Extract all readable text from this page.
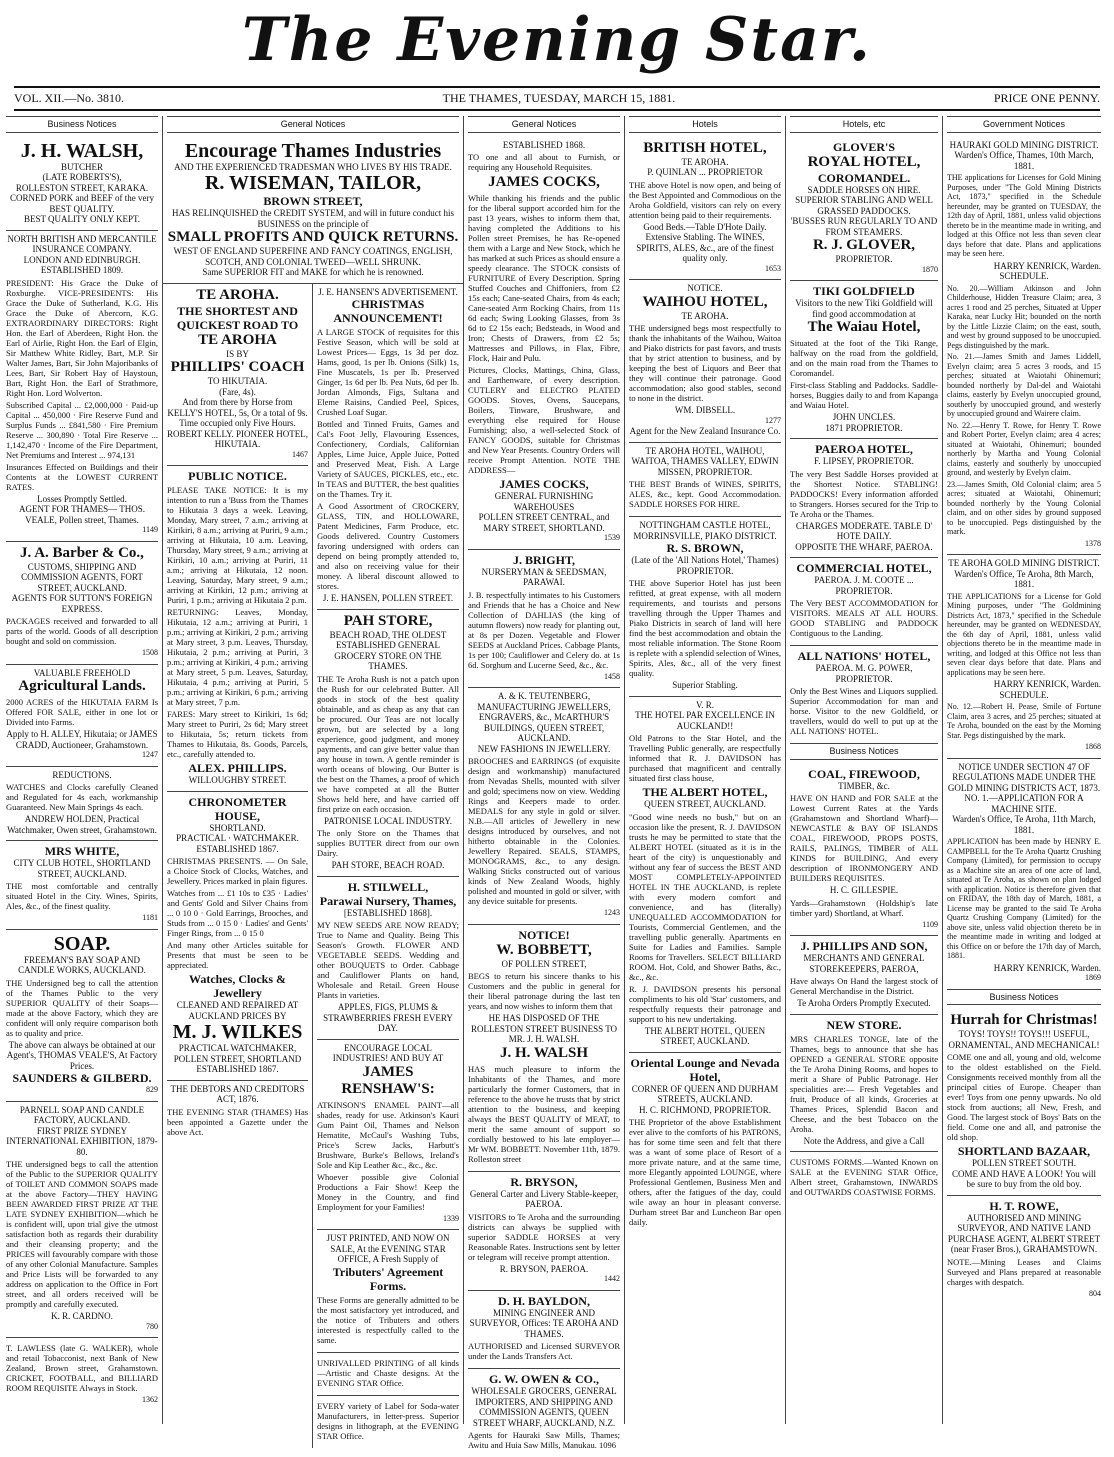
The Evening Star.
VOL. XII.—No. 3810.	THE THAMES, TUESDAY, MARCH 15, 1881.	PRICE ONE PENNY.
Business Notices
J. H. WALSH,
BUTCHER
(LATE ROBERTS'S),
ROLLESTON STREET, KARAKA.
CORNED PORK and BEEF of the very BEST QUALITY.
BEST QUALITY ONLY KEPT.
NORTH BRITISH AND MERCANTILE INSURANCE COMPANY.
LONDON AND EDINBURGH.
ESTABLISHED 1809.
PRESIDENT: His Grace the Duke of Roxburghe. VICE-PRESIDENTS: His Grace the Duke of Sutherland, K.G. His Grace the Duke of Abercorn, K.G. EXTRAORDINARY DIRECTORS: Right Hon. the Earl of Aberdeen, Right Hon. the Earl of Airlie, Right Hon. the Earl of Elgin, Sir Matthew White Ridley, Bart, M.P. Sir Walter James, Bart, Sir John Majoribanks of Lees, Bart, Sir Robert Hay of Haystoun, Bart, Right Hon. the Earl of Strathmore, Right Hon. Lord Wolverton.
Subscribed Capital ... £2,000,000 · Paid-up Capital ... 450,000 · Fire Reserve Fund and Surplus Funds ... £841,580 · Fire Premium Reserve ... 300,890 · Total Fire Reserve ... 1,142,470 · Income of the Fire Department, Net Premiums and Interest ... 974,131
Insurances Effected on Buildings and their Contents at the LOWEST CURRENT RATES.
Losses Promptly Settled.
AGENT FOR THAMES— THOS. VEALE, Pollen street, Thames.
1149
J. A. Barber & Co.,
CUSTOMS, SHIPPING AND COMMISSION AGENTS, FORT STREET, AUCKLAND.
AGENTS FOR SUTTON'S FOREIGN EXPRESS.
PACKAGES received and forwarded to all parts of the world. Goods of all description bought and sold on commission.
1508
VALUABLE FREEHOLD
Agricultural Lands.
2000 ACRES of the HIKUTAIA FARM Is Offered FOR SALE, either in one lot or Divided into Farms.
Apply to H. ALLEY, Hikutaia; or JAMES CRADD, Auctioneer, Grahamstown.
1247
REDUCTIONS.
WATCHES and Clocks carefully Cleaned and Regulated for 4s each, workmanship Guaranteed. New Main Springs 4s each.
ANDREW HOLDEN, Practical Watchmaker, Owen street, Grahamstown.
MRS WHITE,
CITY CLUB HOTEL, SHORTLAND STREET, AUCKLAND.
THE most comfortable and centrally situated Hotel in the City. Wines, Spirits, Ales, &c., of the finest quality.
1181
SOAP.
FREEMAN'S BAY SOAP AND CANDLE WORKS, AUCKLAND.
THE Undersigned beg to call the attention of the Thames Public to the very SUPERIOR QUALITY of their Soaps—made at the above Factory, which they are confident will only require comparison both as to quality and price.
The above can always be obtained at our Agent's, THOMAS VEALE'S, At Factory Prices.
SAUNDERS & GILBERD.
829
PARNELL SOAP AND CANDLE FACTORY, AUCKLAND.
FIRST PRIZE SYDNEY INTERNATIONAL EXHIBITION, 1879-80.
THE undersigned begs to call the attention of the Public to the SUPERIOR QUALITY of TOILET AND COMMON SOAPS made at the above Factory—THEY HAVING BEEN AWARDED FIRST PRIZE AT THE LATE SYDNEY EXHIBITION—which he is confident will, upon trial give the utmost satisfaction both as regards their durability and their cleansing property; and the PRICES will favourably compare with those of any other Colonial Manufacture. Samples and Price Lists will be forwarded to any address on application to the Office in Fort street, and all orders received will be promptly and carefully executed.
K. R. CARDNO.
780
T. LAWLESS (late G. WALKER), whole and retail Tobacconist, next Bank of New Zealand, Brown street, Grahamstown. CRICKET, FOOTBALL, and BILLIARD ROOM REQUISITE Always in Stock.
1362
General Notices
Encourage Thames Industries
AND THE EXPERIENCED TRADESMAN WHO LIVES BY HIS TRADE.
R. WISEMAN, TAILOR,
BROWN STREET,
HAS RELINQUISHED the CREDIT SYSTEM, and will in future conduct his BUSINESS on the principle of
SMALL PROFITS AND QUICK RETURNS.
WEST OF ENGLAND SUPERFINE AND FANCY COATINGS, ENGLISH, SCOTCH, AND COLONIAL TWEED—WELL SHRUNK.
Same SUPERIOR FIT and MAKE for which he is renowned.
TE AROHA.
THE SHORTEST AND QUICKEST ROAD TO
TE AROHA
IS BY
PHILLIPS' COACH
TO HIKUTAIA.
(Fare, 4s).
And from there by Horse from KELLY'S HOTEL, 5s, Or a total of 9s. Time occupied only Five Hours.
ROBERT KELLY. PIONEER HOTEL, HIKUTAIA.
1467
PUBLIC NOTICE.
PLEASE TAKE NOTICE: It is my intention to run a 'Buss from the Thames to Hikutaia 3 days a week. Leaving, Monday, Mary street, 7 a.m.; arriving at Kirikiri, 8 a.m.; arriving at Puriri, 9 a.m.; arriving at Hikutaia, 10 a.m. Leaving, Thursday, Mary street, 9 a.m.; arriving at Kirikiri, 10 a.m.; arriving at Puriri, 11 a.m.; arriving at Hikutaia, 12 noon. Leaving, Saturday, Mary street, 9 a.m.; arriving at Kirikiri, 12 p.m.; arriving at Puriri, 1 p.m.; arriving at Hikutaia 2 p.m.
RETURNING: Leaves, Monday, Hikutaia, 12 a.m.; arriving at Puriri, 1 p.m.; arriving at Kirikiri, 2 p.m.; arriving at Mary street, 3 p.m. Leaves, Thursday, Hikutaia, 2 p.m.; arriving at Puriri, 3 p.m.; arriving at Kirikiri, 4 p.m.; arriving at Mary street, 5 p.m. Leaves, Saturday, Hikutaia, 4 p.m.; arriving at Puriri, 5 p.m.; arriving at Kirikiri, 6 p.m.; arriving at Mary street, 7 p.m.
FARES: Mary street to Kirikiri, 1s 6d; Mary street to Puriri, 2s 6d; Mary street to Hikutaia, 5s; return tickets from Thames to Hikutaia, 8s. Goods, Parcels, etc., carefully attended to.
ALEX. PHILLIPS.
WILLOUGHBY STREET.
CHRONOMETER HOUSE,
SHORTLAND.
PRACTICAL · WATCHMAKER.
ESTABLISHED 1867.
CHRISTMAS PRESENTS. — On Sale, a Choice Stock of Clocks, Watches, and Jewellery. Prices marked in plain figures.
Watches from ... £1 10s to £35 · Ladies' and Gents' Gold and Silver Chains from ... 0 10 0 · Gold Earrings, Brooches, and Studs from ... 0 15 0 · Ladies' and Gents' Finger Rings, from ... 0 15 0
And many other Articles suitable for Presents that must be seen to be appreciated.
Watches, Clocks & Jewellery
CLEANED AND REPAIRED AT AUCKLAND PRICES BY
M. J. WILKES
PRACTICAL WATCHMAKER, POLLEN STREET, SHORTLAND
ESTABLISHED 1867.
THE DEBTORS AND CREDITORS ACT, 1876.
THE EVENING STAR (THAMES) Has been appointed a Gazette under the above Act.
J. E. HANSEN'S ADVERTISEMENT.
CHRISTMAS ANNOUNCEMENT!
A LARGE STOCK of requisites for this Festive Season, which will be sold at Lowest Prices— Eggs, 1s 3d per doz. Hams, good, 1s per lb. Onions (Silk) 1s, Fine Muscatels, 1s per lb. Preserved Ginger, 1s 6d per lb. Pea Nuts, 6d per lb. Jordan Almonds, Figs, Sultana and Eleme Raisins, Candied Peel, Spices, Crushed Loaf Sugar.
Bottled and Tinned Fruits, Games and Cal's Foot Jelly, Flavouring Essences, Confectionery, Cordials, Californian Apples, Lime Juice, Apple Juice, Potted and Preserved Meat, Fish. A Large Variety of SAUCES, PICKLES, etc., etc. In TEAS and BUTTER, the best qualities on the Thames. Try it.
A Good Assortment of CROCKERY, GLASS, TIN, and HOLLOWARE, Patent Medicines, Farm Produce, etc. Goods delivered. Country Customers favoring undersigned with orders can depend on being promptly attended to, and also on receiving value for their money. A liberal discount allowed to stores.
J. E. HANSEN, POLLEN STREET.
PAH STORE,
BEACH ROAD, THE OLDEST ESTABLISHED GENERAL GROCERY STORE ON THE THAMES.
THE Te Aroha Rush is not a patch upon the Rush for our celebrated Butter. All goods in stock of the best quality obtainable, and as cheap as any that can be procured. Our Teas are not locally grown, but are selected by a long experience, good judgment, and money payments, and can give better value than any house in town. A gentle reminder is worth oceans of blowing. Our Butter is the best on the Thames, a proof of which we have competed at all the Butter Shows held here, and have carried off first prize on each occasion.
PATRONISE LOCAL INDUSTRY.
The only Store on the Thames that supplies BUTTER direct from our own Dairy.
PAH STORE, BEACH ROAD.
H. STILWELL,
Parawai Nursery, Thames,
[ESTABLISHED 1868].
MY NEW SEEDS ARE NOW READY; True to Name and Quality. Being This Season's Growth. FLOWER AND VEGETABLE SEEDS. Wedding and other BOUQUETS to Order. Cabbage and Cauliflower Plants on hand, Wholesale and Retail. Green House Plants in varieties.
APPLES, FIGS, PLUMS & STRAWBERRIES FRESH EVERY DAY.
ENCOURAGE LOCAL INDUSTRIES! AND BUY AT
JAMES RENSHAW'S:
ATKINSON'S ENAMEL PAINT—all shades, ready for use. Atkinson's Kauri Gum Paint Oil, Thames and Nelson Hematite, McCaul's Washing Tubs, Price's Screw Jacks, Harbutt's Brushware, Burke's Bellows, Ireland's Sole and Kip Leather &c., &c., &c.
Whoever possible give Colonial Productions a Fair Show! Keep the Money in the Country, and find Employment for your Families!
1339
JUST PRINTED, AND NOW ON SALE, At the EVENING STAR OFFICE, A Fresh Supply of
Tributers' Agreement Forms.
These Forms are generally admitted to be the most satisfactory yet introduced, and the notice of Tributers and others interested is respectfully called to the same.
UNRIVALLED PRINTING of all kinds—Artistic and Chaste designs. At the EVENING STAR Office.
EVERY variety of Label for Soda-water Manufacturers, in letter-press. Superior designs in lithograph, at the EVENING STAR Office.
General Notices
ESTABLISHED 1868.
TO one and all about to Furnish, or requiring any Household Requisites.
JAMES COCKS,
While thanking his friends and the public for the liberal support accorded him for the past 13 years, wishes to inform them that, having completed the Additions to his Pollen street Premises, he has Re-opened them with a Large and New Stock, which he has marked at such Prices as should ensure a speedy clearance. The STOCK consists of FURNITURE of Every Description. Spring Stuffed Couches and Chiffoniers, from £2 15s each; Cane-seated Chairs, from 4s each; Cane-seated Arm Rocking Chairs, from 11s 6d each; Swing Looking Glasses, from 3s 6d to £2 15s each; Bedsteads, in Wood and Iron; Chests of Drawers, from £2 5s; Mattresses and Pillows, in Flax, Fibre, Flock, Hair and Pulu.
Pictures, Clocks, Mattings, China, Glass, and Earthenware, of every description. CUTLERY and ELECTRO PLATED GOODS. Stoves, Ovens, Saucepans, Boilers, Tinware, Brushware, and everything else required for House Furnishing; also, a well-selected Stock of FANCY GOODS, suitable for Christmas and New Year Presents. Country Orders will receive Prompt Attention. NOTE THE ADDRESS—
JAMES COCKS,
GENERAL FURNISHING WAREHOUSES
POLLEN STREET CENTRAL, and MARY STREET, SHORTLAND.
1539
J. BRIGHT,
NURSERYMAN & SEEDSMAN, PARAWAI.
J. B. respectfully intimates to his Customers and Friends that he has a Choice and New Collection of DAHLIAS (the king of autumn flowers) now ready for planting out, at 8s per Dozen. Vegetable and Flower SEEDS at Auckland Prices. Cabbage Plants, 1s per 100; Cauliflower and Celery do. at 1s 6d. Sorghum and Lucerne Seed, &c., &c.
1458
A. & K. TEUTENBERG,
MANUFACTURING JEWELLERS, ENGRAVERS, &c., McARTHUR'S BUILDINGS, QUEEN STREET, AUCKLAND.
NEW FASHIONS IN JEWELLERY.
BROOCHES and EARRINGS (of exquisite design and workmanship) manufactured from Nevadas Shells, mounted with silver and gold; specimens now on view. Wedding Rings and Keepers made to order. MEDALS for any style in gold or silver. N.B.—All articles of Jewellery in new designs introduced by ourselves, and not hitherto obtainable in the Colonies. Jewellery Repaired. SEALS, STAMPS, MONOGRAMS, &c., to any design. Walking Sticks constructed out of various kinds of New Zealand Woods, highly polished and mounted in gold or silver, with any device suitable for presents.
1243
NOTICE!
W. BOBBETT,
OF POLLEN STREET,
BEGS to return his sincere thanks to his Customers and the public in general for their liberal patronage during the last ten years, and now wishes to inform them that
HE HAS DISPOSED OF THE ROLLESTON STREET BUSINESS TO MR. J. H. WALSH.
J. H. WALSH
HAS much pleasure to inform the Inhabitants of the Thames, and more particularly the former Customers, that in reference to the above he trusts that by strict attention to the business, and keeping always the BEST QUALITY of MEAT, to merit the same amount of support so cordially bestowed to his late employer—Mr WM. BOBBETT. November 11th, 1879. Rolleston street
R. BRYSON,
General Carter and Livery Stable-keeper, PAEROA.
VISITORS to Te Aroha and the surrounding districts can always be supplied with superior SADDLE HORSES at very Reasonable Rates. Instructions sent by letter or telegram will receive prompt attention.
R. BRYSON, PAEROA.
1442
D. H. BAYLDON,
MINING ENGINEER AND SURVEYOR, Offices: TE AROHA AND THAMES.
AUTHORISED and Licensed SURVEYOR under the Lands Transfers Act.
G. W. OWEN & CO.,
WHOLESALE GROCERS, GENERAL IMPORTERS, AND SHIPPING AND COMMISSION AGENTS, QUEEN STREET WHARF, AUCKLAND, N.Z.
Agents for Hauraki Saw Mills, Thames; Awitu and Huia Saw Mills, Manukau. 1096
Hotels
BRITISH HOTEL,
TE AROHA.
P. QUINLAN ... PROPRIETOR
THE above Hotel is now open, and being of the Best Appointed and Commodious on the Aroha Goldfield, visitors can rely on every attention being paid to their requirements.
Good Beds.—Table D'Hote Daily. Extensive Stabling. The WINES, SPIRITS, ALES, &c., are of the finest quality only.
1653
NOTICE.
WAIHOU HOTEL,
TE AROHA.
THE undersigned begs most respectfully to thank the inhabitants of the Waihou, Waitoa and Piako districts for past favors, and trusts that by strict attention to business, and by keeping the best of Liquors and Beer that they will continue their patronage. Good accommodation; also good stables, second to none in the district.
WM. DIBSELL.
1277
Agent for the New Zealand Insurance Co.
TE AROHA HOTEL, WAIHOU, WAITOA, THAMES VALLEY, EDWIN MISSEN, PROPRIETOR.
THE BEST Brands of WINES, SPIRITS, ALES, &c., kept. Good Accommodation. SADDLE HORSES FOR HIRE.
NOTTINGHAM CASTLE HOTEL, MORRINSVILLE, PIAKO DISTRICT.
R. S. BROWN,
(Late of the 'All Nations Hotel,' Thames) PROPRIETOR.
THE above Superior Hotel has just been refitted, at great expense, with all modern requirements, and tourists and persons travelling through the Upper Thames and Piako Districts in search of land will here find the best accommodation and obtain the most reliable information. The Stone Room is replete with a splendid selection of Wines, Spirits, Ales, &c., all of the very finest quality.
Superior Stabling.
V. R.
THE HOTEL PAR EXCELLENCE IN AUCKLAND!!
Old Patrons to the Star Hotel, and the Travelling Public generally, are respectfully informed that R. J. DAVIDSON has purchased that magnificent and centrally situated first class house,
THE ALBERT HOTEL,
QUEEN STREET, AUCKLAND.
"Good wine needs no bush," but on an occasion like the present, R. J. DAVIDSON trusts he may be permitted to state that the ALBERT HOTEL (situated as it is in the heart of the city) is unquestionably and without any fear of success the BEST AND MOST COMPLETELY-APPOINTED HOTEL IN THE AUCKLAND, is replete with every modern comfort and convenience, and has (literally) UNEQUALLED ACCOMMODATION for Tourists, Commercial Gentlemen, and the travelling public generally. Apartments en Suite for Ladies and Families. Sample Rooms for Travellers. SELECT BILLIARD ROOM. Hot, Cold, and Shower Baths, &c., &c., &c.
R. J. DAVIDSON presents his personal compliments to his old 'Star' customers, and respectfully requests their patronage and support to his new undertaking.
THE ALBERT HOTEL, QUEEN STREET, AUCKLAND.
Oriental Lounge and Nevada Hotel,
CORNER OF QUEEN AND DURHAM STREETS, AUCKLAND.
H. C. RICHMOND, PROPRIETOR.
THE Proprietor of the above Establishment ever alive to the comforts of his PATRONS, has for some time seen and felt that there was a want of some place of Resort of a more private nature, and at the same time, more Elegantly appointed LOUNGE, where Professional Gentlemen, Business Men and others, after the fatigues of the day, could wile away an hour in pleasant converse. Durham street Bar and Luncheon Bar open daily.
Hotels, etc
GLOVER'S
ROYAL HOTEL,
COROMANDEL.
SADDLE HORSES ON HIRE.
SUPERIOR STABLING AND WELL GRASSED PADDOCKS.
'BUSSES RUN REGULARLY TO AND FROM STEAMERS.
R. J. GLOVER,
PROPRIETOR.
1870
TIKI GOLDFIELD
Visitors to the new Tiki Goldfield will find good accommodation at
The Waiau Hotel,
Situated at the foot of the Tiki Range, halfway on the road from the goldfield, and on the main road from the Thames to Coromandel.
First-class Stabling and Paddocks. Saddle-horses, Buggies daily to and from Kapanga and Waiau Hotel.
JOHN UNCLES.
1871 PROPRIETOR.
PAEROA HOTEL,
F. LIPSEY, PROPRIETOR.
The very Best Saddle Horses provided at the Shortest Notice. STABLING! PADDOCKS! Every information afforded to Strangers. Horses secured for the Trip to Te Aroha or the Thames.
CHARGES MODERATE. TABLE D' HOTE DAILY.
OPPOSITE THE WHARF, PAEROA.
COMMERCIAL HOTEL,
PAEROA. J. M. COOTE ... PROPRIETOR.
The Very BEST ACCOMMODATION for VISITORS. MEALS AT ALL HOURS. GOOD STABLING and PADDOCK Contiguous to the Landing.
ALL NATIONS' HOTEL,
PAEROA. M. G. POWER, PROPRIETOR.
Only the Best Wines and Liquors supplied. Superior Accommodation for man and horse. Visitor to the new Goldfield, or travellers, would do well to put up at the ALL NATIONS' HOTEL.
Business Notices
COAL, FIREWOOD,
TIMBER, &c.
HAVE ON HAND and FOR SALE at the Lowest Current Rates at the Yards (Grahamstown and Shortland Wharf)— NEWCASTLE & BAY OF ISLANDS COAL, FIREWOOD, PROPS POSTS, RAILS, PALINGS, TIMBER of ALL KINDS for BUILDING, And every description of IRONMONGERY AND BUILDERS REQUISITES.
H. C. GILLESPIE.
Yards—Grahamstown (Holdship's late timber yard) Shortland, at Wharf.
1109
J. PHILLIPS AND SON,
MERCHANTS AND GENERAL STOREKEEPERS, PAEROA,
Have always On Hand the largest stock of General Merchandise in the District.
Te Aroha Orders Promptly Executed.
NEW STORE.
MRS CHARLES TONGE, late of the Thames, begs to announce that she has OPENED a GENERAL STORE opposite the Te Aroha Dining Rooms, and hopes to merit a Share of Public Patronage. Her specialities are:— Fresh Vegetables and fruit, Produce of all kinds, Groceries at Thames Prices, Splendid Bacon and Cheese, and the best Tobacco on the Aroha.
Note the Address, and give a Call
CUSTOMS FORMS.—Wanted Known on SALE at the EVENING STAR Office, Albert street, Grahamstown, INWARDS and OUTWARDS COASTWISE FORMS.
Government Notices
HAURAKI GOLD MINING DISTRICT.
Warden's Office, Thames, 10th March, 1881.
THE applications for Licenses for Gold Mining Purposes, under "The Gold Mining Districts Act, 1873," specified in the Schedule hereunder, may be granted on TUESDAY, the 12th day of April, 1881, unless valid objections thereto be in the meantime made in writing, and lodged at this Office not less than seven clear days before that date. Plans and applications may be seen here.
HARRY KENRICK, Warden.
SCHEDULE.
No. 20.—William Atkinson and John Childerhouse, Hidden Treasure Claim; area, 3 acres 1 rood and 25 perches, Situated at Upper Karaka, near Lucky Hit; bounded on the north by the Little Lizzie Claim; on the east, south, and west by ground supposed to be unoccupied. Pegs distinguished by the mark.
No. 21.—James Smith and James Liddell, Evelyn claim; area 5 acres 3 roods, and 15 perches; situated at Waiotahi Ohinemuri; bounded northerly by Dal-del and Waiotahi claims, easterly by Evelyn unoccupied ground, southerly by unoccupied ground, and westerly by unoccupied ground and Wairere claim.
No. 22.—Henry T. Rowe, for Henry T. Rowe and Robert Porter, Evelyn claim; area 4 acres; situated at Waiotahi, Ohinemuri; bounded northerly by Martha and Young Colonial claims, easterly and southerly by unoccupied ground, and westerly by Evelyn claim.
23.—James Smith, Old Colonial claim; area 5 acres; situated at Waiotahi, Ohinemuri; bounded northerly by the Young Colonial claim, and on other sides by ground supposed to be unoccupied. Pegs distinguished by the mark.
1378
TE AROHA GOLD MINING DISTRICT.
Warden's Office, Te Aroha, 8th March, 1881.
THE APPLICATIONS for a License for Gold Mining purposes, under "The Goldmining Districts Act, 1873," specified in the Schedule hereunder, may be granted on WEDNESDAY, the 6th day of April, 1881, unless valid objections thereto be in the meantime made in writing, and lodged at this Office not less than seven clear days before that date. Plans and applications may be seen here.
HARRY KENRICK, Warden.
SCHEDULE.
No. 12.—Robert H. Pease, Smile of Fortune Claim, area 3 acres, and 25 perches; situated at Te Aroha, bounded on the east by the Morning Star. Pegs distinguished by the mark.
1868
NOTICE UNDER SECTION 47 OF REGULATIONS MADE UNDER THE GOLD MINING DISTRICTS ACT, 1873.
NO. 1.—APPLICATION FOR A MACHINE SITE.
Warden's Office, Te Aroha, 11th March, 1881.
APPLICATION has been made by HENRY E. CAMPBELL for the Te Aroha Quartz Crushing Company (Limited), for permission to occupy as a Machine site an area of one acre of land, situated at Te Aroha, as shown on plan lodged with application. Notice is therefore given that on FRIDAY, the 18th day of March, 1881, a License may be granted to the said Te Aroha Quartz Crushing Company (Limited) for the above site, unless valid objection thereto be in the meantime made in writing and lodged at this Office on or before the 17th day of March, 1881.
HARRY KENRICK, Warden.
1869
Business Notices
Hurrah for Christmas!
TOYS! TOYS!! TOYS!!! USEFUL, ORNAMENTAL, AND MECHANICAL!
COME one and all, young and old, welcome to the oldest established on the Field. Consignments received monthly from all the principal cities of Europe. Cheaper than ever! Toys from one penny upwards. No old stock from auctions; all New, Fresh, and Good. The largest stock of Boys' Bats on the field. Come one and all, and patronise the old shop.
SHORTLAND BAZAAR,
POLLEN STREET SOUTH.
COME AND HAVE A LOOK! You will be sure to buy from the old boy.
H. T. ROWE,
AUTHORISED AND MINING SURVEYOR, AND NATIVE LAND PURCHASE AGENT, ALBERT STREET (near Fraser Bros.), GRAHAMSTOWN.
NOTE.—Mining Leases and Claims Surveyed and Plans prepared at reasonable charges with despatch.
804
